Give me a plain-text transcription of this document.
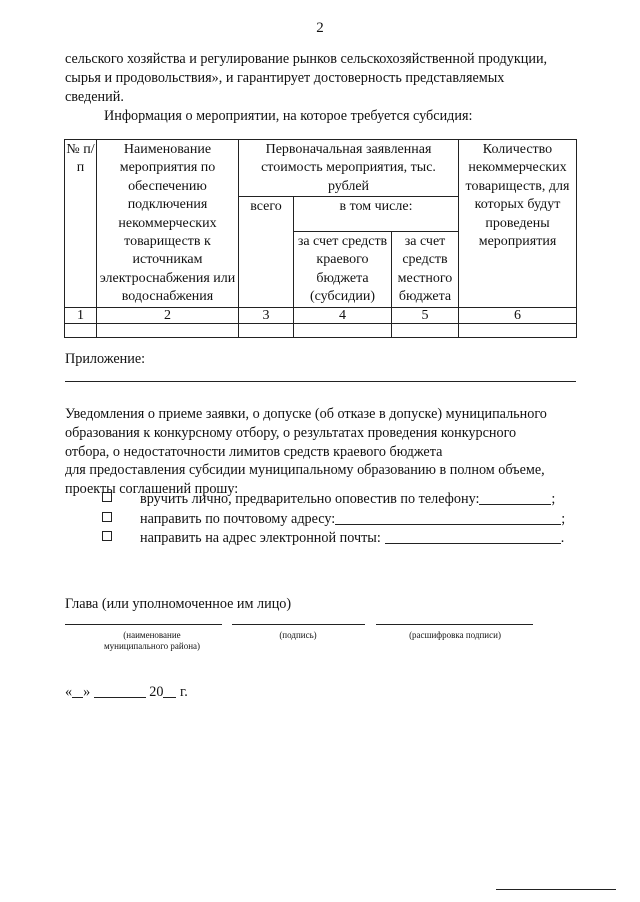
2

сельского хозяйства и регулирование рынков сельскохозяйственной продукции,

сырья и продовольствия», и гарантирует достоверность представляемых

сведений.

Информация о мероприятии, на которое требуется субсидия:
№ п/п	Наименование мероприятия по обеспечению подключения некоммерческих товариществ к источникам электроснабжения или водоснабжения	Первоначальная заявленная стоимость мероприятия, тыс. рублей			Количество некоммерческих товариществ, для которых будут проведены мероприятия
		всего	в том числе:		
			за счет средств краевого бюджета (субсидии)	за счет средств местного бюджета	
1	2	3	4	5	6

Приложение:

Уведомления о приеме заявки, о допуске (об отказе в допуске) муниципального

образования к конкурсному отбору, о результатах проведения конкурсного

отбора, о недостаточности лимитов средств краевого бюджета

для предоставления субсидии муниципальному образованию в полном объеме,

проекты соглашений прошу:

вручить лично, предварительно оповестив по телефону:	;
направить по почтовому адресу:	;
направить на адрес электронной почты:	.
Глава (или уполномоченное им лицо)
(наименование муниципального района)
(подпись)	(расшифровка подписи)
« »	20 г.
